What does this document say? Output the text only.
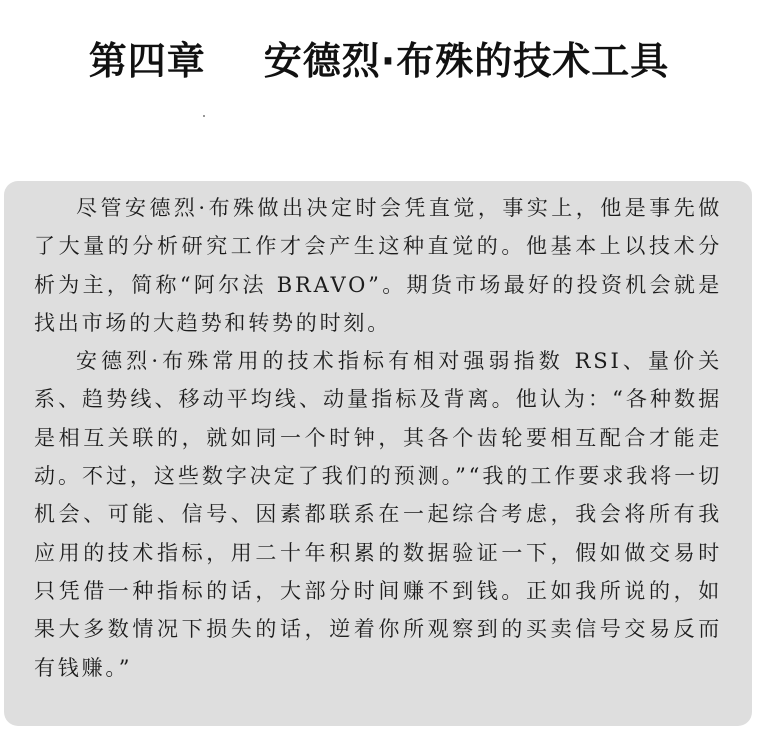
第四章 安德烈·布殊的技术工具

尽管安德烈·布殊做出决定时会凭直觉，事实上，他是事先做了大量的分析研究工作才会产生这种直觉的。他基本上以技术分析为主，简称“阿尔法 BRAVO”。期货市场最好的投资机会就是找出市场的大趋势和转势的时刻。

安德烈·布殊常用的技术指标有相对强弱指数 RSI、量价关系、趋势线、移动平均线、动量指标及背离。他认为：“各种数据是相互关联的，就如同一个时钟，其各个齿轮要相互配合才能走动。不过，这些数字决定了我们的预测。”“我的工作要求我将一切机会、可能、信号、因素都联系在一起综合考虑，我会将所有我应用的技术指标，用二十年积累的数据验证一下，假如做交易时只凭借一种指标的话，大部分时间赚不到钱。正如我所说的，如果大多数情况下损失的话，逆着你所观察到的买卖信号交易反而有钱赚。”
